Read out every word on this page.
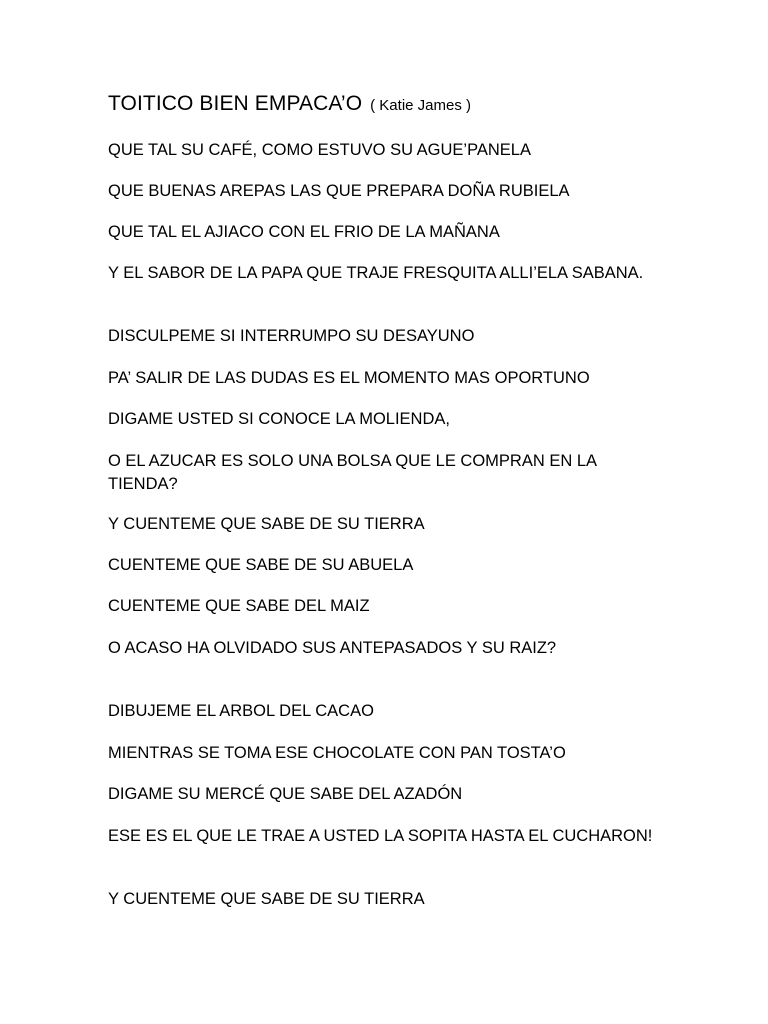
TOITICO BIEN EMPACA’O ( Katie James )
QUE TAL SU CAFÉ, COMO ESTUVO SU AGUE’PANELA
QUE BUENAS AREPAS LAS QUE PREPARA DOÑA RUBIELA
QUE TAL EL AJIACO CON EL FRIO DE LA MAÑANA
Y EL SABOR DE LA PAPA QUE TRAJE FRESQUITA ALLI’ELA SABANA.
DISCULPEME SI INTERRUMPO SU DESAYUNO
PA’ SALIR DE LAS DUDAS ES EL MOMENTO MAS OPORTUNO
DIGAME USTED SI CONOCE LA MOLIENDA,
O EL AZUCAR ES SOLO UNA BOLSA QUE LE COMPRAN EN LA TIENDA?
Y CUENTEME QUE SABE DE SU TIERRA
CUENTEME QUE SABE DE SU ABUELA
CUENTEME QUE SABE DEL MAIZ
O ACASO HA OLVIDADO SUS ANTEPASADOS Y SU RAIZ?
DIBUJEME EL ARBOL DEL CACAO
MIENTRAS SE TOMA ESE CHOCOLATE CON PAN TOSTA’O
DIGAME SU MERCÉ QUE SABE DEL AZADÓN
ESE ES EL QUE LE TRAE A USTED LA SOPITA HASTA EL CUCHARON!
Y CUENTEME QUE SABE DE SU TIERRA
